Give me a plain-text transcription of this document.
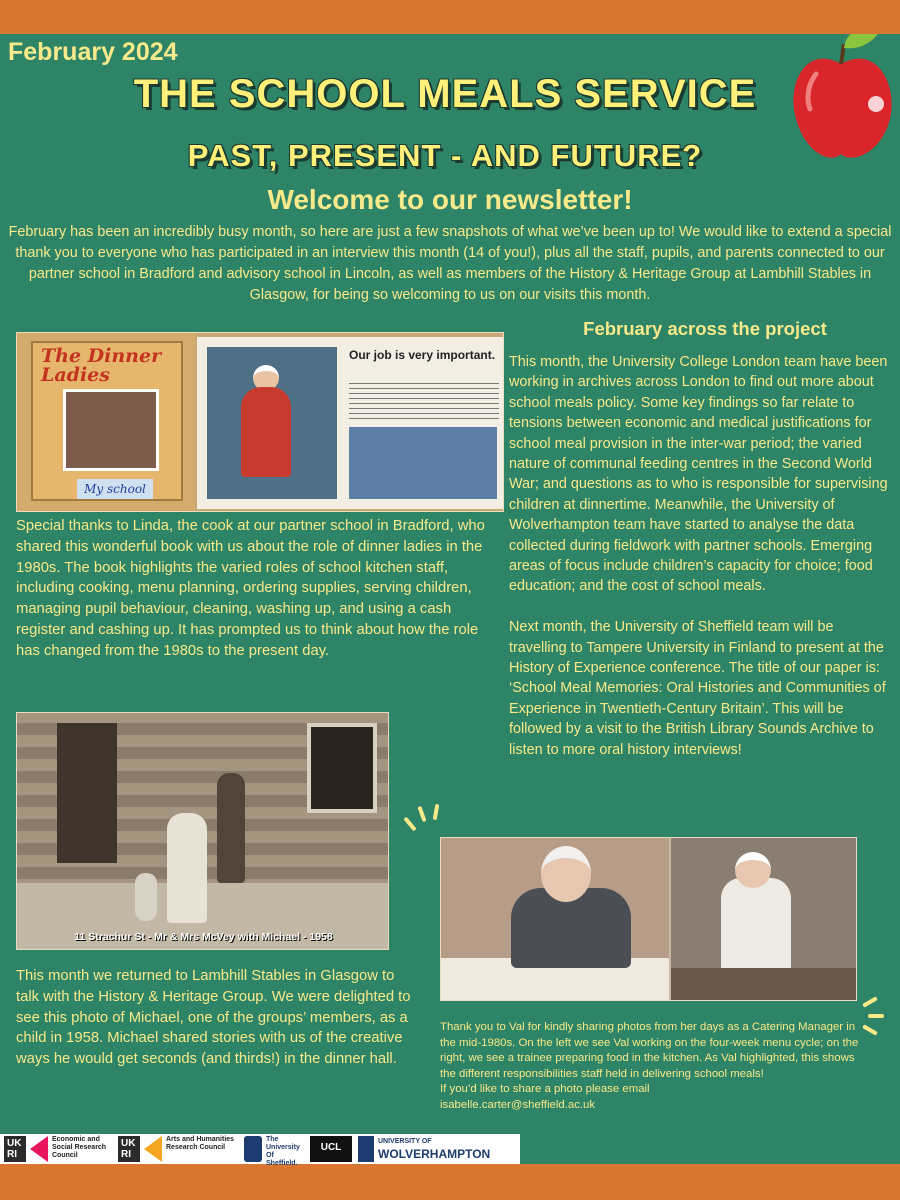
February 2024
THE SCHOOL MEALS SERVICE
PAST, PRESENT - AND FUTURE?
Welcome to our newsletter!
February has been an incredibly busy month, so here are just a few snapshots of what we’ve been up to! We would like to extend a special thank you to everyone who has participated in an interview this month (14 of you!), plus all the staff, pupils, and parents connected to our partner school in Bradford and advisory school in Lincoln, as well as members of the History & Heritage Group at Lambhill Stables in Glasgow, for being so welcoming to us on our visits this month.
The Dinner Ladies
My school
Our job is very important.
Special thanks to Linda, the cook at our partner school in Bradford, who shared this wonderful book with us about the role of dinner ladies in the 1980s. The book highlights the varied roles of school kitchen staff, including cooking, menu planning, ordering supplies, serving children, managing pupil behaviour, cleaning, washing up, and using a cash register and cashing up. It has prompted us to think about how the role has changed from the 1980s to the present day.
February across the project

This month, the University College London team have been working in archives across London to find out more about school meals policy. Some key findings so far relate to tensions between economic and medical justifications for school meal provision in the inter-war period; the varied nature of communal feeding centres in the Second World War; and questions as to who is responsible for supervising children at dinnertime. Meanwhile, the University of Wolverhampton team have started to analyse the data collected during fieldwork with partner schools. Emerging areas of focus include children’s capacity for choice; food education; and the cost of school meals.

Next month, the University of Sheffield team will be travelling to Tampere University in Finland to present at the History of Experience conference. The title of our paper is: ‘School Meal Memories: Oral Histories and Communities of Experience in Twentieth-Century Britain’. This will be followed by a visit to the British Library Sounds Archive to listen to more oral history interviews!

11 Strachur St - Mr & Mrs McVey with Michael - 1958
This month we returned to Lambhill Stables in Glasgow to talk with the History & Heritage Group. We were delighted to see this photo of Michael, one of the groups’ members, as a child in 1958. Michael shared stories with us of the creative ways he would get seconds (and thirds!) in the dinner hall.
Thank you to Val for kindly sharing photos from her days as a Catering Manager in the mid-1980s. On the left we see Val working on the four-week menu cycle; on the right, we see a trainee preparing food in the kitchen. As Val highlighted, this shows the different responsibilities staff held in delivering school meals!
If you’d like to share a photo please email
isabelle.carter@sheffield.ac.uk
UK RI
Economic and Social Research Council
UK RI
Arts and Humanities Research Council
The University Of Sheffield.
UCL
UNIVERSITY OF
WOLVERHAMPTON
